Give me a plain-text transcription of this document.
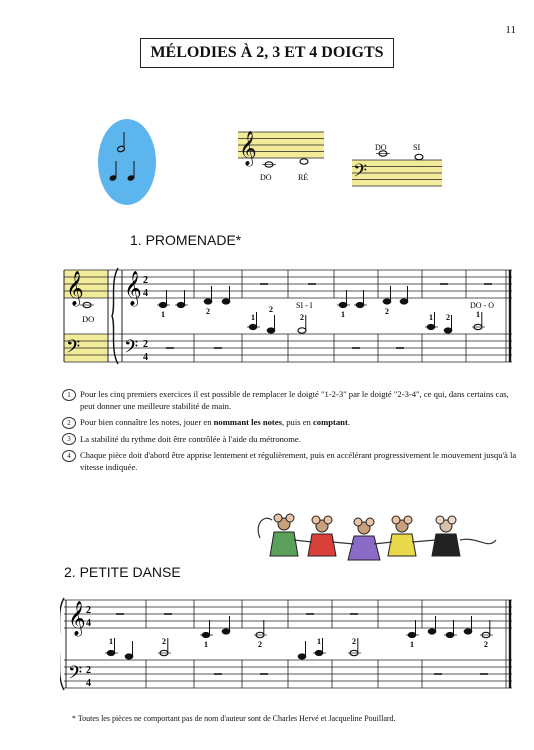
11
MÉLODIES À 2, 3 ET 4 DOIGTS
𝄞
DO	RÉ
DO	SI
𝄢
1. PROMENADE*
𝄞
𝄢
𝄞
𝄢
DO
2
4
2
4
1	2
1	2	1	2
1 2	1
2	SI - I	DO - O
1	Pour les cinq premiers exercices il est possible de remplacer le doigté "1-2-3" par le doigté "2-3-4", ce qui, dans certains cas, peut donner une meilleure stabilité de main.
2	Pour bien connaître les notes, jouer en nommant les notes, puis en comptant.
3	La stabilité du rythme doit être contrôlée à l'aide du métronome.
4	Chaque pièce doit d'abord être apprise lentement et régulièrement, puis en accélérant progressivement le mouvement jusqu'à la vitesse indiquée.
2. PETITE DANSE
𝄞
𝄢
2
4
2
4
1	2	1	2	1	2	1	2
* Toutes les pièces ne comportant pas de nom d'auteur sont de Charles Hervé et Jacqueline Pouillard.
